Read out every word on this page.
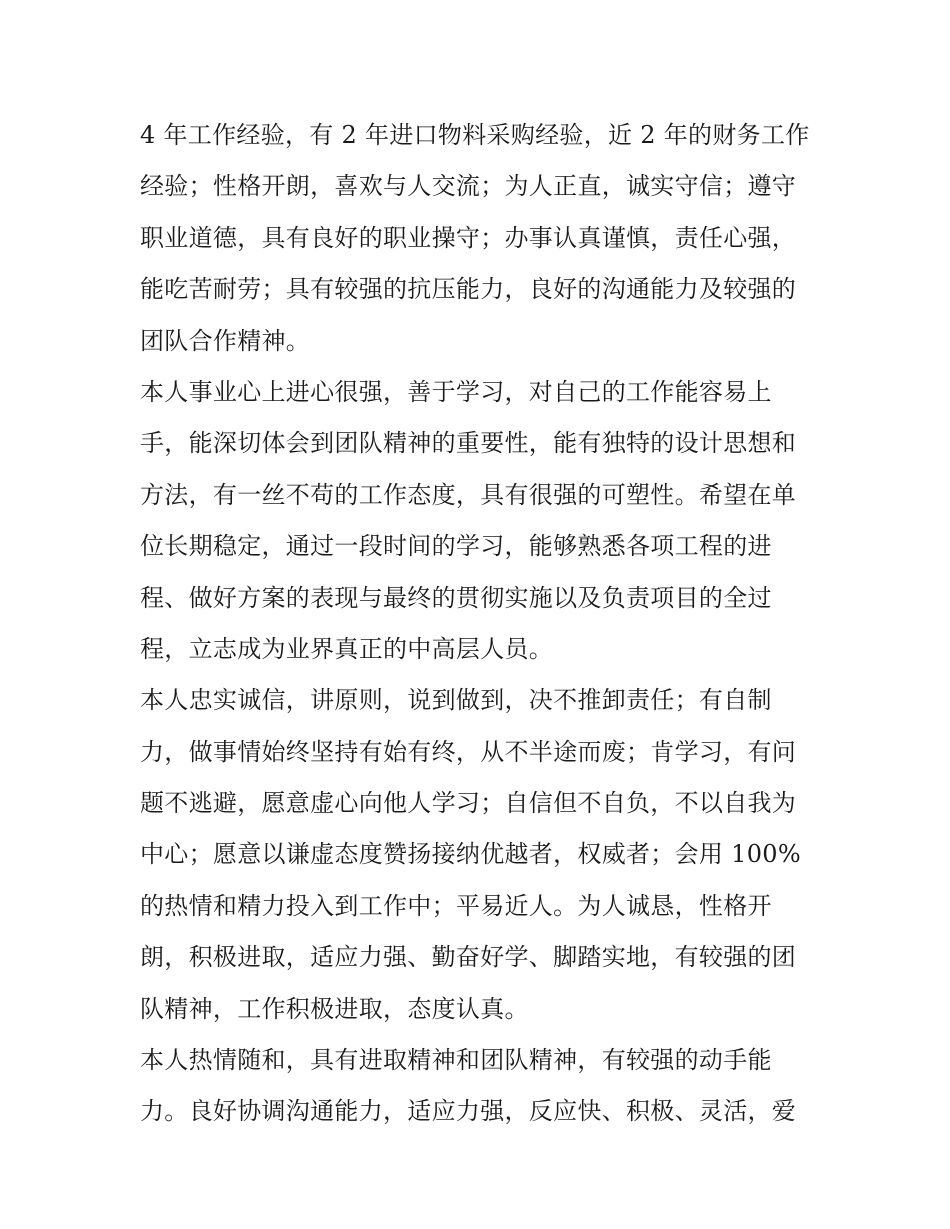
4 年工作经验，有 2 年进口物料采购经验，近 2 年的财务工作
经验；性格开朗，喜欢与人交流；为人正直，诚实守信；遵守
职业道德，具有良好的职业操守；办事认真谨慎，责任心强，
能吃苦耐劳；具有较强的抗压能力，良好的沟通能力及较强的
团队合作精神。
本人事业心上进心很强，善于学习，对自己的工作能容易上
手，能深切体会到团队精神的重要性，能有独特的设计思想和
方法，有一丝不苟的工作态度，具有很强的可塑性。希望在单
位长期稳定，通过一段时间的学习，能够熟悉各项工程的进
程、做好方案的表现与最终的贯彻实施以及负责项目的全过
程，立志成为业界真正的中高层人员。
本人忠实诚信，讲原则，说到做到，决不推卸责任；有自制
力，做事情始终坚持有始有终，从不半途而废；肯学习，有问
题不逃避，愿意虚心向他人学习；自信但不自负，不以自我为
中心；愿意以谦虚态度赞扬接纳优越者，权威者；会用 100%
的热情和精力投入到工作中；平易近人。为人诚恳，性格开
朗，积极进取，适应力强、勤奋好学、脚踏实地，有较强的团
队精神，工作积极进取，态度认真。
本人热情随和，具有进取精神和团队精神，有较强的动手能
力。良好协调沟通能力，适应力强，反应快、积极、灵活，爱
